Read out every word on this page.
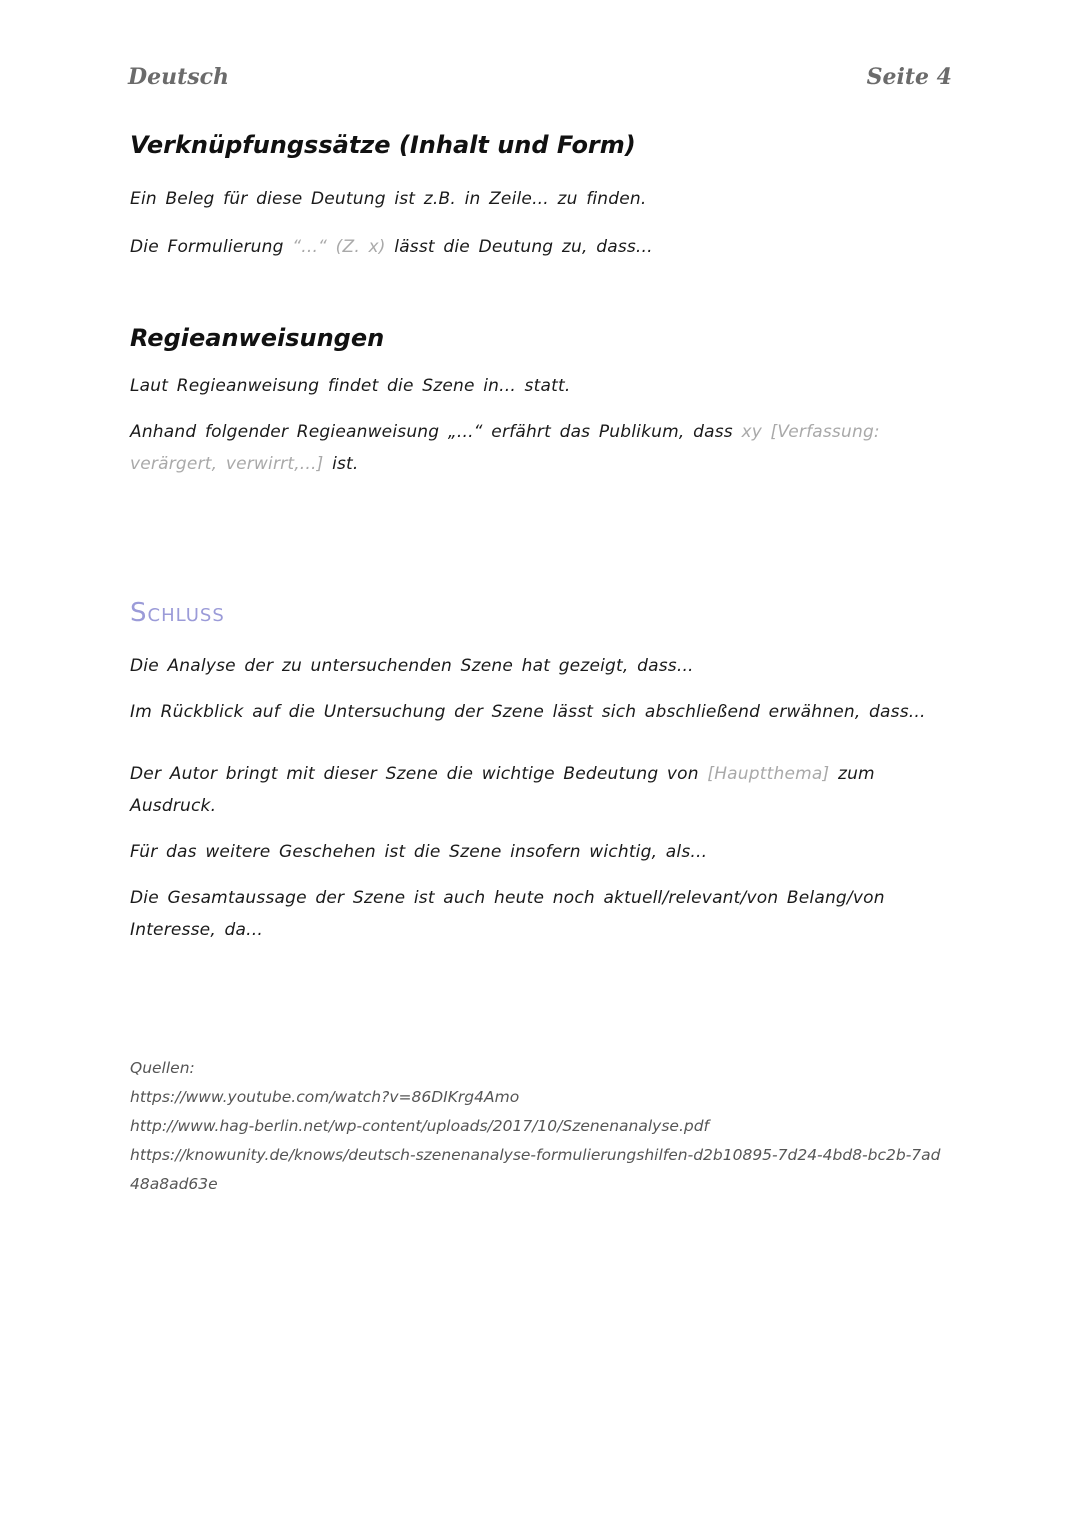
Deutsch	Seite 4
Verknüpfungssätze (Inhalt und Form)

Ein Beleg für diese Deutung ist z.B. in Zeile... zu finden.

Die Formulierung “...“ (Z. x) lässt die Deutung zu, dass...

Regieanweisungen

Laut Regieanweisung findet die Szene in... statt.

Anhand folgender Regieanweisung „...“ erfährt das Publikum, dass xy [Verfassung: verärgert, verwirrt,...] ist.

Schluss

Die Analyse der zu untersuchenden Szene hat gezeigt, dass...

Im Rückblick auf die Untersuchung der Szene lässt sich abschließend erwähnen, dass...

Der Autor bringt mit dieser Szene die wichtige Bedeutung von [Hauptthema] zum Ausdruck.

Für das weitere Geschehen ist die Szene insofern wichtig, als...

Die Gesamtaussage der Szene ist auch heute noch aktuell/relevant/von Belang/von Interesse, da...

Quellen:

https://www.youtube.com/watch?v=86DIKrg4Amo

http://www.hag-berlin.net/wp-content/uploads/2017/10/Szenenanalyse.pdf

https://knowunity.de/knows/deutsch-szenenanalyse-formulierungshilfen-d2b10895-7d24-4bd8-bc2b-7ad48a8ad63e
